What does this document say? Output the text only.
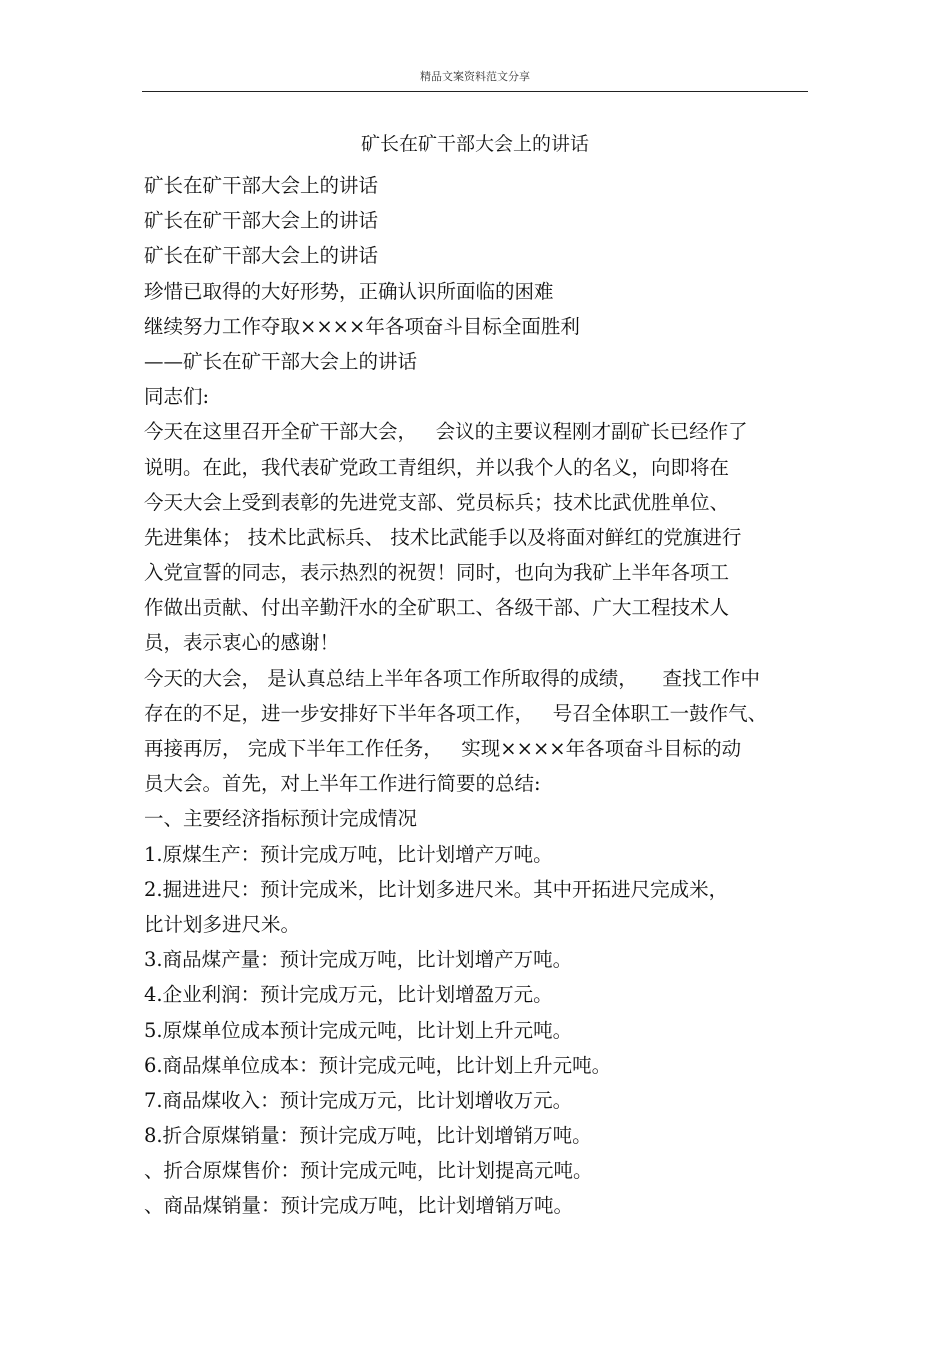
精品文案资料范文分享
矿长在矿干部大会上的讲话
矿长在矿干部大会上的讲话
矿长在矿干部大会上的讲话
矿长在矿干部大会上的讲话
珍惜已取得的大好形势，正确认识所面临的困难
继续努力工作夺取××××年各项奋斗目标全面胜利
——矿长在矿干部大会上的讲话
同志们:
今天在这里召开全矿干部大会，   会议的主要议程刚才副矿长已经作了
说明。在此，我代表矿党政工青组织，并以我个人的名义，向即将在
今天大会上受到表彰的先进党支部、党员标兵；技术比武优胜单位、
先进集体； 技术比武标兵、 技术比武能手以及将面对鲜红的党旗进行
入党宣誓的同志，表示热烈的祝贺！同时，也向为我矿上半年各项工
作做出贡献、付出辛勤汗水的全矿职工、各级干部、广大工程技术人
员，表示衷心的感谢！
今天的大会， 是认真总结上半年各项工作所取得的成绩，    查找工作中
存在的不足，进一步安排好下半年各项工作，   号召全体职工一鼓作气、
再接再厉， 完成下半年工作任务，   实现××××年各项奋斗目标的动
员大会。首先，对上半年工作进行简要的总结:
一、主要经济指标预计完成情况
1.原煤生产：预计完成万吨，比计划增产万吨。
2.掘进进尺：预计完成米，比计划多进尺米。其中开拓进尺完成米，
比计划多进尺米。
3.商品煤产量：预计完成万吨，比计划增产万吨。
4.企业利润：预计完成万元，比计划增盈万元。
5.原煤单位成本预计完成元吨，比计划上升元吨。
6.商品煤单位成本：预计完成元吨，比计划上升元吨。
7.商品煤收入：预计完成万元，比计划增收万元。
8.折合原煤销量：预计完成万吨，比计划增销万吨。
、折合原煤售价：预计完成元吨，比计划提高元吨。
、商品煤销量：预计完成万吨，比计划增销万吨。
